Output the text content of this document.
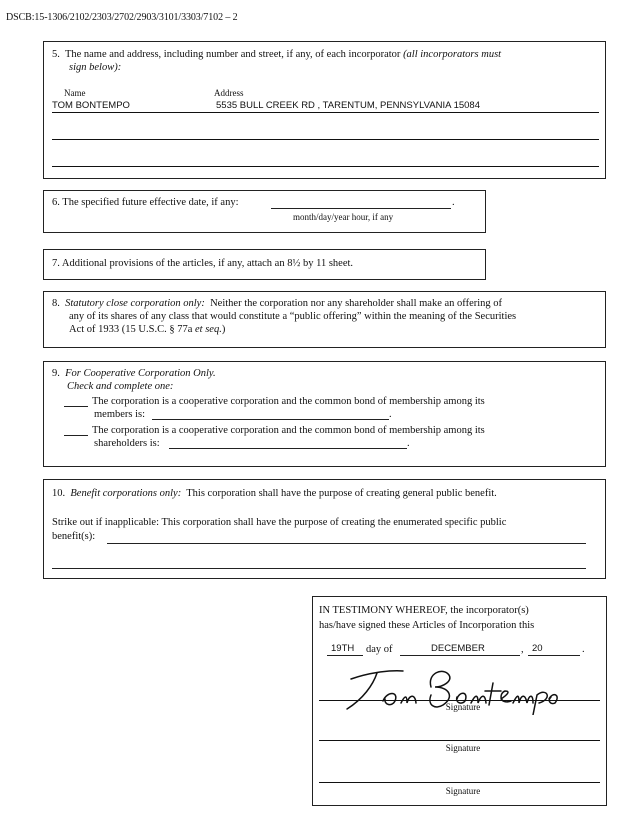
DSCB:15-1306/2102/2303/2702/2903/3101/3303/7102 – 2
5. The name and address, including number and street, if any, of each incorporator (all incorporators must
sign below):
Name	Address
TOM BONTEMPO	5535 BULL CREEK RD , TARENTUM, PENNSYLVANIA 15084
6. The specified future effective date, if any:	.
month/day/year hour, if any
7. Additional provisions of the articles, if any, attach an 8½ by 11 sheet.
8. Statutory close corporation only: Neither the corporation nor any shareholder shall make an offering of
any of its shares of any class that would constitute a “public offering” within the meaning of the Securities
Act of 1933 (15 U.S.C. § 77a et seq.)
9. For Cooperative Corporation Only.
Check and complete one:
The corporation is a cooperative corporation and the common bond of membership among its
members is:	.
The corporation is a cooperative corporation and the common bond of membership among its
shareholders is:	.
10. Benefit corporations only: This corporation shall have the purpose of creating general public benefit.
Strike out if inapplicable: This corporation shall have the purpose of creating the enumerated specific public
benefit(s):
IN TESTIMONY WHEREOF, the incorporator(s)
has/have signed these Articles of Incorporation this
19TH day of	DECEMBER	, 20	.
Signature
Signature
Signature
